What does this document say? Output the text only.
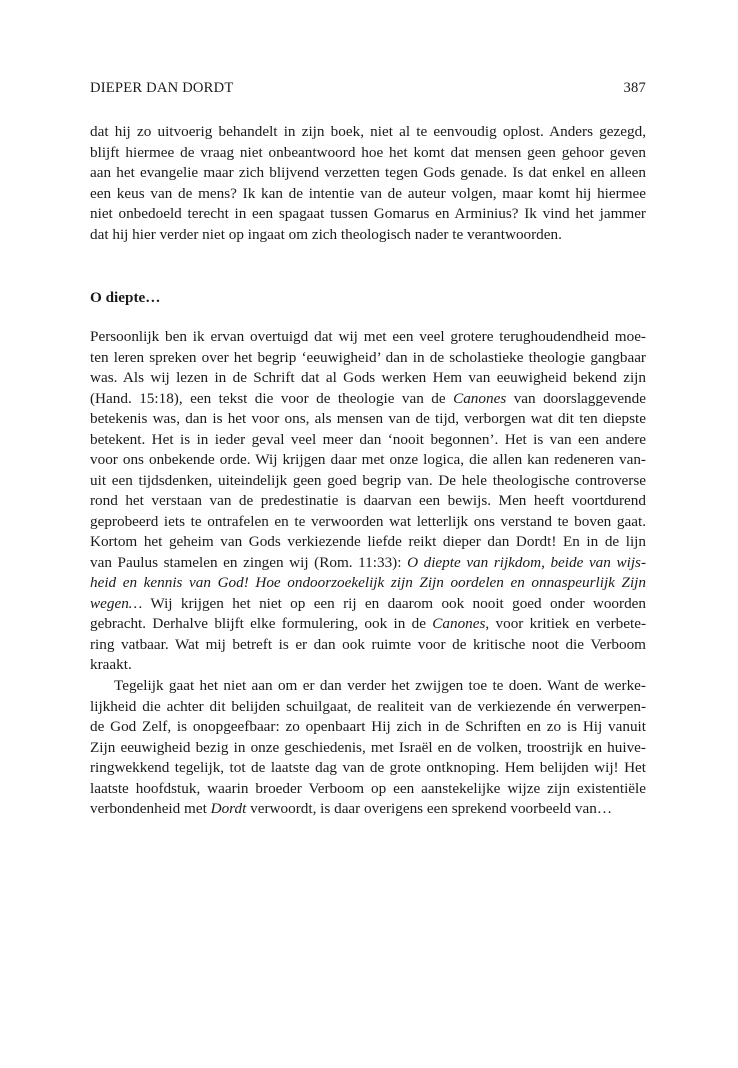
DIEPER DAN DORDT	387

dat hij zo uitvoerig behandelt in zijn boek, niet al te eenvoudig oplost. Anders gezegd,
blijft hiermee de vraag niet onbeantwoord hoe het komt dat mensen geen gehoor geven
aan het evangelie maar zich blijvend verzetten tegen Gods genade. Is dat enkel en alleen
een keus van de mens? Ik kan de intentie van de auteur volgen, maar komt hij hiermee
niet onbedoeld terecht in een spagaat tussen Gomarus en Arminius? Ik vind het jammer
dat hij hier verder niet op ingaat om zich theologisch nader te verantwoorden.

O diepte…

Persoonlijk ben ik ervan overtuigd dat wij met een veel grotere terughoudendheid moe-
ten leren spreken over het begrip ‘eeuwigheid’ dan in de scholastieke theologie gangbaar
was. Als wij lezen in de Schrift dat al Gods werken Hem van eeuwigheid bekend zijn
(Hand. 15:18), een tekst die voor de theologie van de Canones van doorslaggevende
betekenis was, dan is het voor ons, als mensen van de tijd, verborgen wat dit ten diepste
betekent. Het is in ieder geval veel meer dan ‘nooit begonnen’. Het is van een andere
voor ons onbekende orde. Wij krijgen daar met onze logica, die allen kan redeneren van-
uit een tijdsdenken, uiteindelijk geen goed begrip van. De hele theologische controverse
rond het verstaan van de predestinatie is daarvan een bewijs. Men heeft voortdurend
geprobeerd iets te ontrafelen en te verwoorden wat letterlijk ons verstand te boven gaat.
Kortom het geheim van Gods verkiezende liefde reikt dieper dan Dordt! En in de lijn
van Paulus stamelen en zingen wij (Rom. 11:33): O diepte van rijkdom, beide van wijs-
heid en kennis van God! Hoe ondoorzoekelijk zijn Zijn oordelen en onnaspeurlijk Zijn
wegen… Wij krijgen het niet op een rij en daarom ook nooit goed onder woorden
gebracht. Derhalve blijft elke formulering, ook in de Canones, voor kritiek en verbete-
ring vatbaar. Wat mij betreft is er dan ook ruimte voor de kritische noot die Verboom
kraakt.

Tegelijk gaat het niet aan om er dan verder het zwijgen toe te doen. Want de werke-
lijkheid die achter dit belijden schuilgaat, de realiteit van de verkiezende én verwerpen-
de God Zelf, is onopgeefbaar: zo openbaart Hij zich in de Schriften en zo is Hij vanuit
Zijn eeuwigheid bezig in onze geschiedenis, met Israël en de volken, troostrijk en huive-
ringwekkend tegelijk, tot de laatste dag van de grote ontknoping. Hem belijden wij! Het
laatste hoofdstuk, waarin broeder Verboom op een aanstekelijke wijze zijn existentiële
verbondenheid met Dordt verwoordt, is daar overigens een sprekend voorbeeld van…
